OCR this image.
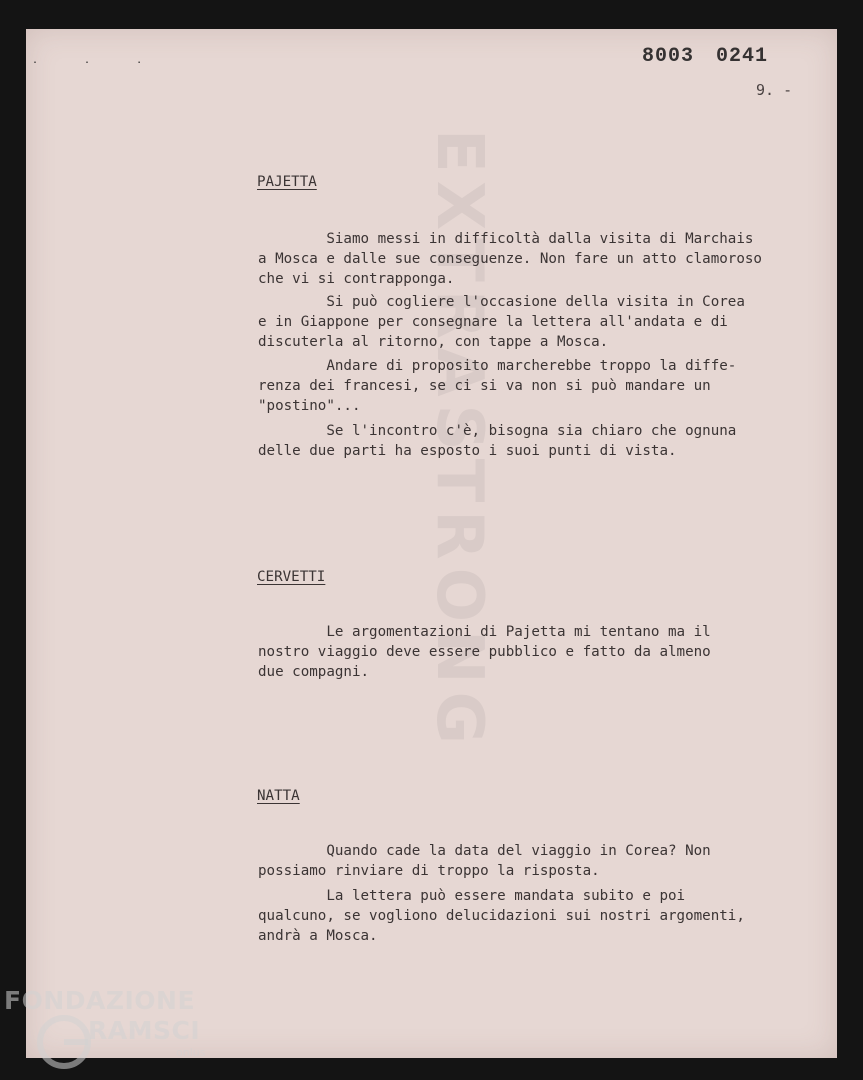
EXTRASTRONG
. . .	8003 0241
9. -
PAJETTA
Siamo messi in difficoltà dalla visita di Marchais
a Mosca e dalle sue conseguenze. Non fare un atto clamoroso
che vi si contrapponga.
Si può cogliere l'occasione della visita in Corea
e in Giappone per consegnare la lettera all'andata e di
discuterla al ritorno, con tappe a Mosca.
Andare di proposito marcherebbe troppo la diffe-
renza dei francesi, se ci si va non si può mandare un
"postino"...
Se l'incontro c'è, bisogna sia chiaro che ognuna
delle due parti ha esposto i suoi punti di vista.
CERVETTI
Le argomentazioni di Pajetta mi tentano ma il
nostro viaggio deve essere pubblico e fatto da almeno
due compagni.
NATTA
Quando cade la data del viaggio in Corea? Non
possiamo rinviare di troppo la risposta.
La lettera può essere mandata subito e poi
qualcuno, se vogliono delucidazioni sui nostri argomenti,
andrà a Mosca.
FONDAZIONE
RAMSCI
onlus
